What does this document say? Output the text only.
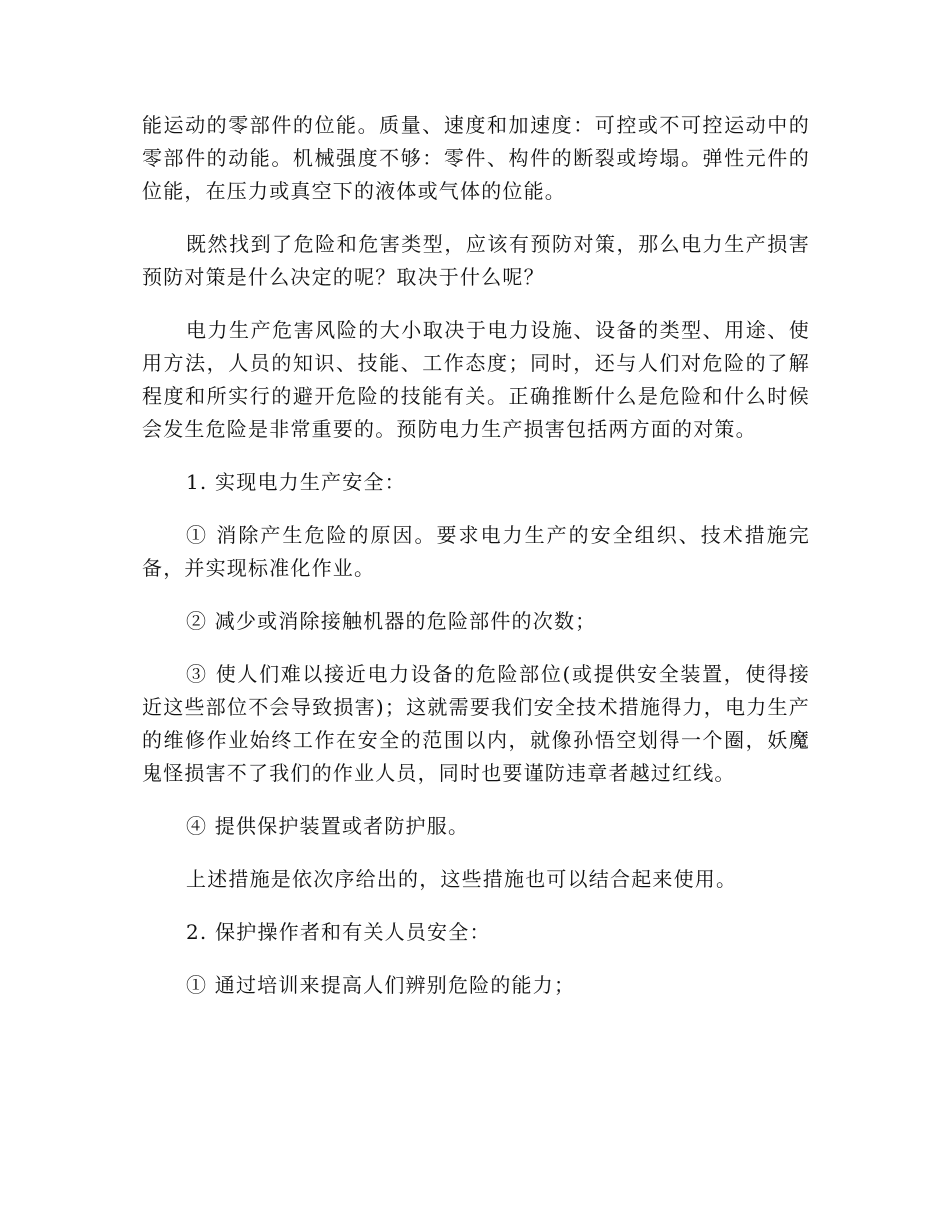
能运动的零部件的位能。质量、速度和加速度：可控或不可控运动中的零部件的动能。机械强度不够：零件、构件的断裂或垮塌。弹性元件的位能，在压力或真空下的液体或气体的位能。

既然找到了危险和危害类型，应该有预防对策，那么电力生产损害预防对策是什么决定的呢？取决于什么呢？

电力生产危害风险的大小取决于电力设施、设备的类型、用途、使用方法，人员的知识、技能、工作态度；同时，还与人们对危险的了解程度和所实行的避开危险的技能有关。正确推断什么是危险和什么时候会发生危险是非常重要的。预防电力生产损害包括两方面的对策。

1. 实现电力生产安全：

① 消除产生危险的原因。要求电力生产的安全组织、技术措施完备，并实现标准化作业。

② 减少或消除接触机器的危险部件的次数；

③ 使人们难以接近电力设备的危险部位(或提供安全装置，使得接近这些部位不会导致损害)；这就需要我们安全技术措施得力，电力生产的维修作业始终工作在安全的范围以内，就像孙悟空划得一个圈，妖魔鬼怪损害不了我们的作业人员，同时也要谨防违章者越过红线。

④ 提供保护装置或者防护服。

上述措施是依次序给出的，这些措施也可以结合起来使用。

2. 保护操作者和有关人员安全：

① 通过培训来提高人们辨别危险的能力；
